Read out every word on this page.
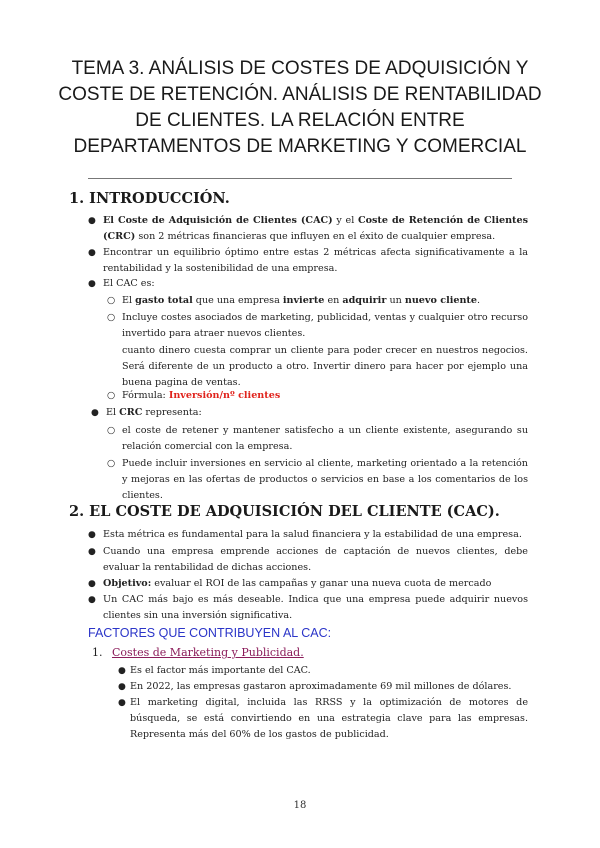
TEMA 3. ANÁLISIS DE COSTES DE ADQUISICIÓN Y
COSTE DE RETENCIÓN. ANÁLISIS DE RENTABILIDAD
DE CLIENTES. LA RELACIÓN ENTRE
DEPARTAMENTOS DE MARKETING Y COMERCIAL
1. INTRODUCCIÓN.
● El Coste de Adquisición de Clientes (CAC) y el Coste de Retención de Clientes (CRC) son 2 métricas financieras que influyen en el éxito de cualquier empresa.
● Encontrar un equilibrio óptimo entre estas 2 métricas afecta significativamente a la rentabilidad y la sostenibilidad de una empresa.
● El CAC es:
○ El gasto total que una empresa invierte en adquirir un nuevo cliente.
○ Incluye costes asociados de marketing, publicidad, ventas y cualquier otro recurso invertido para atraer nuevos clientes.
cuanto dinero cuesta comprar un cliente para poder crecer en nuestros negocios. Será diferente de un producto a otro. Invertir dinero para hacer por ejemplo una buena pagina de ventas.
○ Fórmula: Inversión/nº clientes
● El CRC representa:
○ el coste de retener y mantener satisfecho a un cliente existente, asegurando su relación comercial con la empresa.
○ Puede incluir inversiones en servicio al cliente, marketing orientado a la retención y mejoras en las ofertas de productos o servicios en base a los comentarios de los clientes.
2. EL COSTE DE ADQUISICIÓN DEL CLIENTE (CAC).
● Esta métrica es fundamental para la salud financiera y la estabilidad de una empresa.
● Cuando una empresa emprende acciones de captación de nuevos clientes, debe evaluar la rentabilidad de dichas acciones.
● Objetivo: evaluar el ROI de las campañas y ganar una nueva cuota de mercado
● Un CAC más bajo es más deseable. Indica que una empresa puede adquirir nuevos clientes sin una inversión significativa.
FACTORES QUE CONTRIBUYEN AL CAC:
1. Costes de Marketing y Publicidad.
● Es el factor más importante del CAC.
● En 2022, las empresas gastaron aproximadamente 69 mil millones de dólares.
● El marketing digital, incluida las RRSS y la optimización de motores de búsqueda, se está convirtiendo en una estrategia clave para las empresas. Representa más del 60% de los gastos de publicidad.
18
